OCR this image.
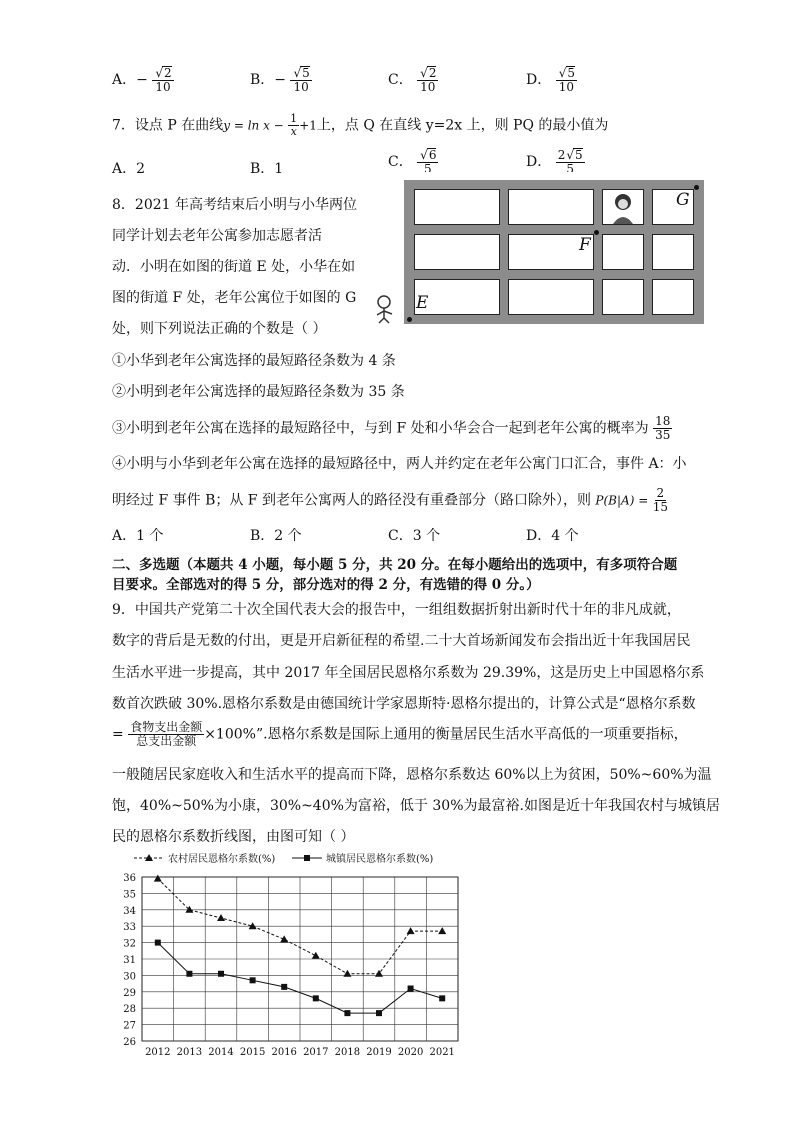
A．− √ $\frac{2}{10}$	B．− √ $\frac{5}{10}$	C． √ $\frac{2}{10}$	D． √ $\frac{5}{10}$
7．设点 P 在曲线$y = \ln x - \frac{1}{x} +1$上，点 Q 在直线 y=2x 上，则 PQ 的最小值为
A．2	B．1	C． √ $\frac{6}{5}$	D． $\frac{2 √ 5}{5}$
8．2021 年高考结束后小明与小华两位
同学计划去老年公寓参加志愿者活
动．小明在如图的街道 E 处，小华在如
图的街道 F 处，老年公寓位于如图的 G
处，则下列说法正确的个数是（ ）
G
F
E
①小华到老年公寓选择的最短路径条数为 4 条
②小明到老年公寓选择的最短路径条数为 35 条
③小明到老年公寓在选择的最短路径中，与到 F 处和小华会合一起到老年公寓的概率为 $\frac{18}{35}$
④小明与小华到老年公寓在选择的最短路径中，两人并约定在老年公寓门口汇合，事件 A：小
明经过 F 事件 B；从 F 到老年公寓两人的路径没有重叠部分（路口除外），则 $P(B|A) = \frac{2}{15}$
A．1 个	B．2 个	C．3 个	D．4 个
二、多选题（本题共 4 小题，每小题 5 分，共 20 分。在每小题给出的选项中，有多项符合题
目要求。全部选对的得 5 分，部分选对的得 2 分，有选错的得 0 分。）
9．中国共产党第二十次全国代表大会的报告中，一组组数据折射出新时代十年的非凡成就，
数字的背后是无数的付出，更是开启新征程的希望.二十大首场新闻发布会指出近十年我国居民
生活水平进一步提高，其中 2017 年全国居民恩格尔系数为 29.39%，这是历史上中国恩格尔系
数首次跌破 30%.恩格尔系数是由德国统计学家恩斯特·恩格尔提出的，计算公式是“恩格尔系数
= $\frac{\text{食物支出金额}}{\text{总支出金额}} \times 100\%$”.恩格尔系数是国际上通用的衡量居民生活水平高低的一项重要指标，
一般随居民家庭收入和生活水平的提高而下降，恩格尔系数达 60%以上为贫困，50%~60%为温
饱，40%~50%为小康，30%~40%为富裕，低于 30%为最富裕.如图是近十年我国农村与城镇居
民的恩格尔系数折线图，由图可知（ ）
26
27
28
29
30
31
32
33
34
35
36
2012 2013 2014 2015 2016 2017 2018 2019 2020 2021
农村居民恩格尔系数(%)	城镇居民恩格尔系数(%)
